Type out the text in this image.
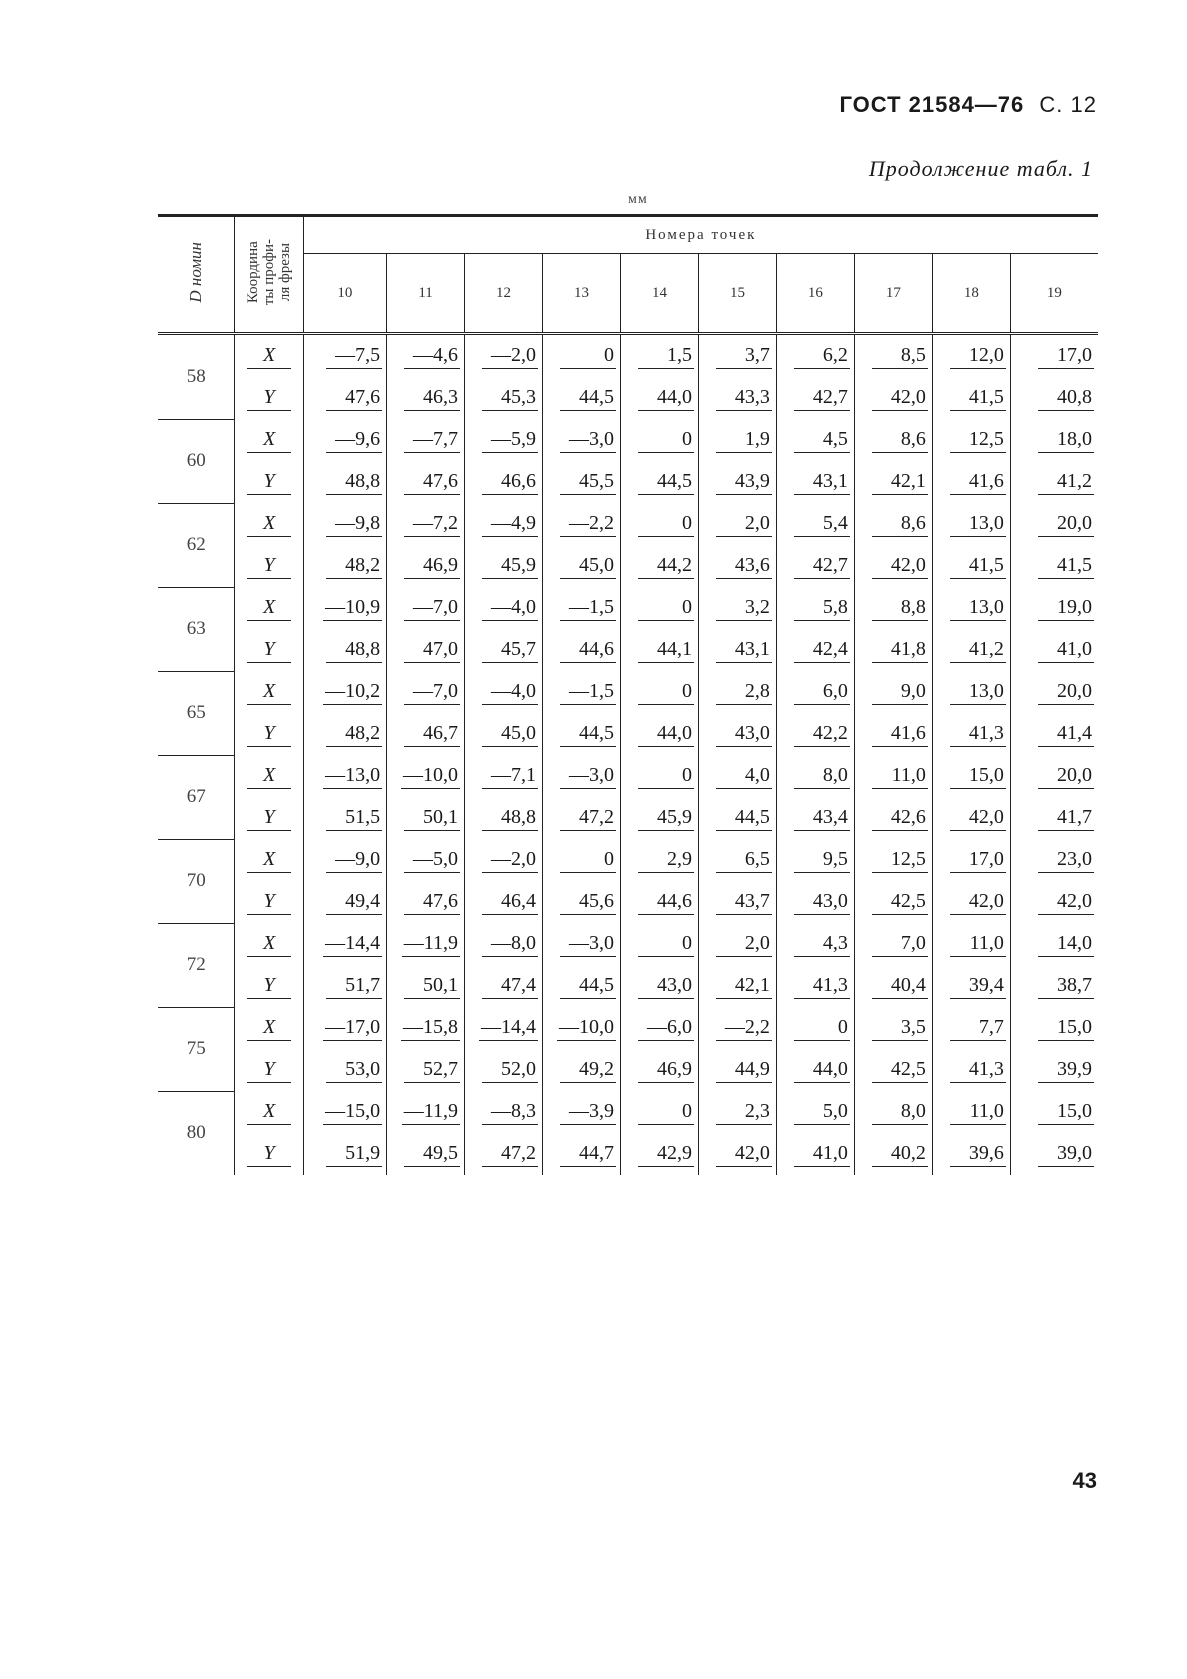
ГОСТ 21584—76 С. 12
Продолжение табл. 1
мм
D номин	Координа
ты профи-
ля фрезы	Номера точек									
		10	11	12	13	14	15	16	17	18	19

58	X	—7,5	—4,6	—2,0	0	1,5	3,7	6,2	8,5	12,0	17,0
	Y	47,6	46,3	45,3	44,5	44,0	43,3	42,7	42,0	41,5	40,8
60	X	—9,6	—7,7	—5,9	—3,0	0	1,9	4,5	8,6	12,5	18,0
	Y	48,8	47,6	46,6	45,5	44,5	43,9	43,1	42,1	41,6	41,2
62	X	—9,8	—7,2	—4,9	—2,2	0	2,0	5,4	8,6	13,0	20,0
	Y	48,2	46,9	45,9	45,0	44,2	43,6	42,7	42,0	41,5	41,5
63	X	—10,9	—7,0	—4,0	—1,5	0	3,2	5,8	8,8	13,0	19,0
	Y	48,8	47,0	45,7	44,6	44,1	43,1	42,4	41,8	41,2	41,0
65	X	—10,2	—7,0	—4,0	—1,5	0	2,8	6,0	9,0	13,0	20,0
	Y	48,2	46,7	45,0	44,5	44,0	43,0	42,2	41,6	41,3	41,4
67	X	—13,0	—10,0	—7,1	—3,0	0	4,0	8,0	11,0	15,0	20,0
	Y	51,5	50,1	48,8	47,2	45,9	44,5	43,4	42,6	42,0	41,7
70	X	—9,0	—5,0	—2,0	0	2,9	6,5	9,5	12,5	17,0	23,0
	Y	49,4	47,6	46,4	45,6	44,6	43,7	43,0	42,5	42,0	42,0
72	X	—14,4	—11,9	—8,0	—3,0	0	2,0	4,3	7,0	11,0	14,0
	Y	51,7	50,1	47,4	44,5	43,0	42,1	41,3	40,4	39,4	38,7
75	X	—17,0	—15,8	—14,4	—10,0	—6,0	—2,2	0	3,5	7,7	15,0
	Y	53,0	52,7	52,0	49,2	46,9	44,9	44,0	42,5	41,3	39,9
80	X	—15,0	—11,9	—8,3	—3,9	0	2,3	5,0	8,0	11,0	15,0
	Y	51,9	49,5	47,2	44,7	42,9	42,0	41,0	40,2	39,6	39,0
43
